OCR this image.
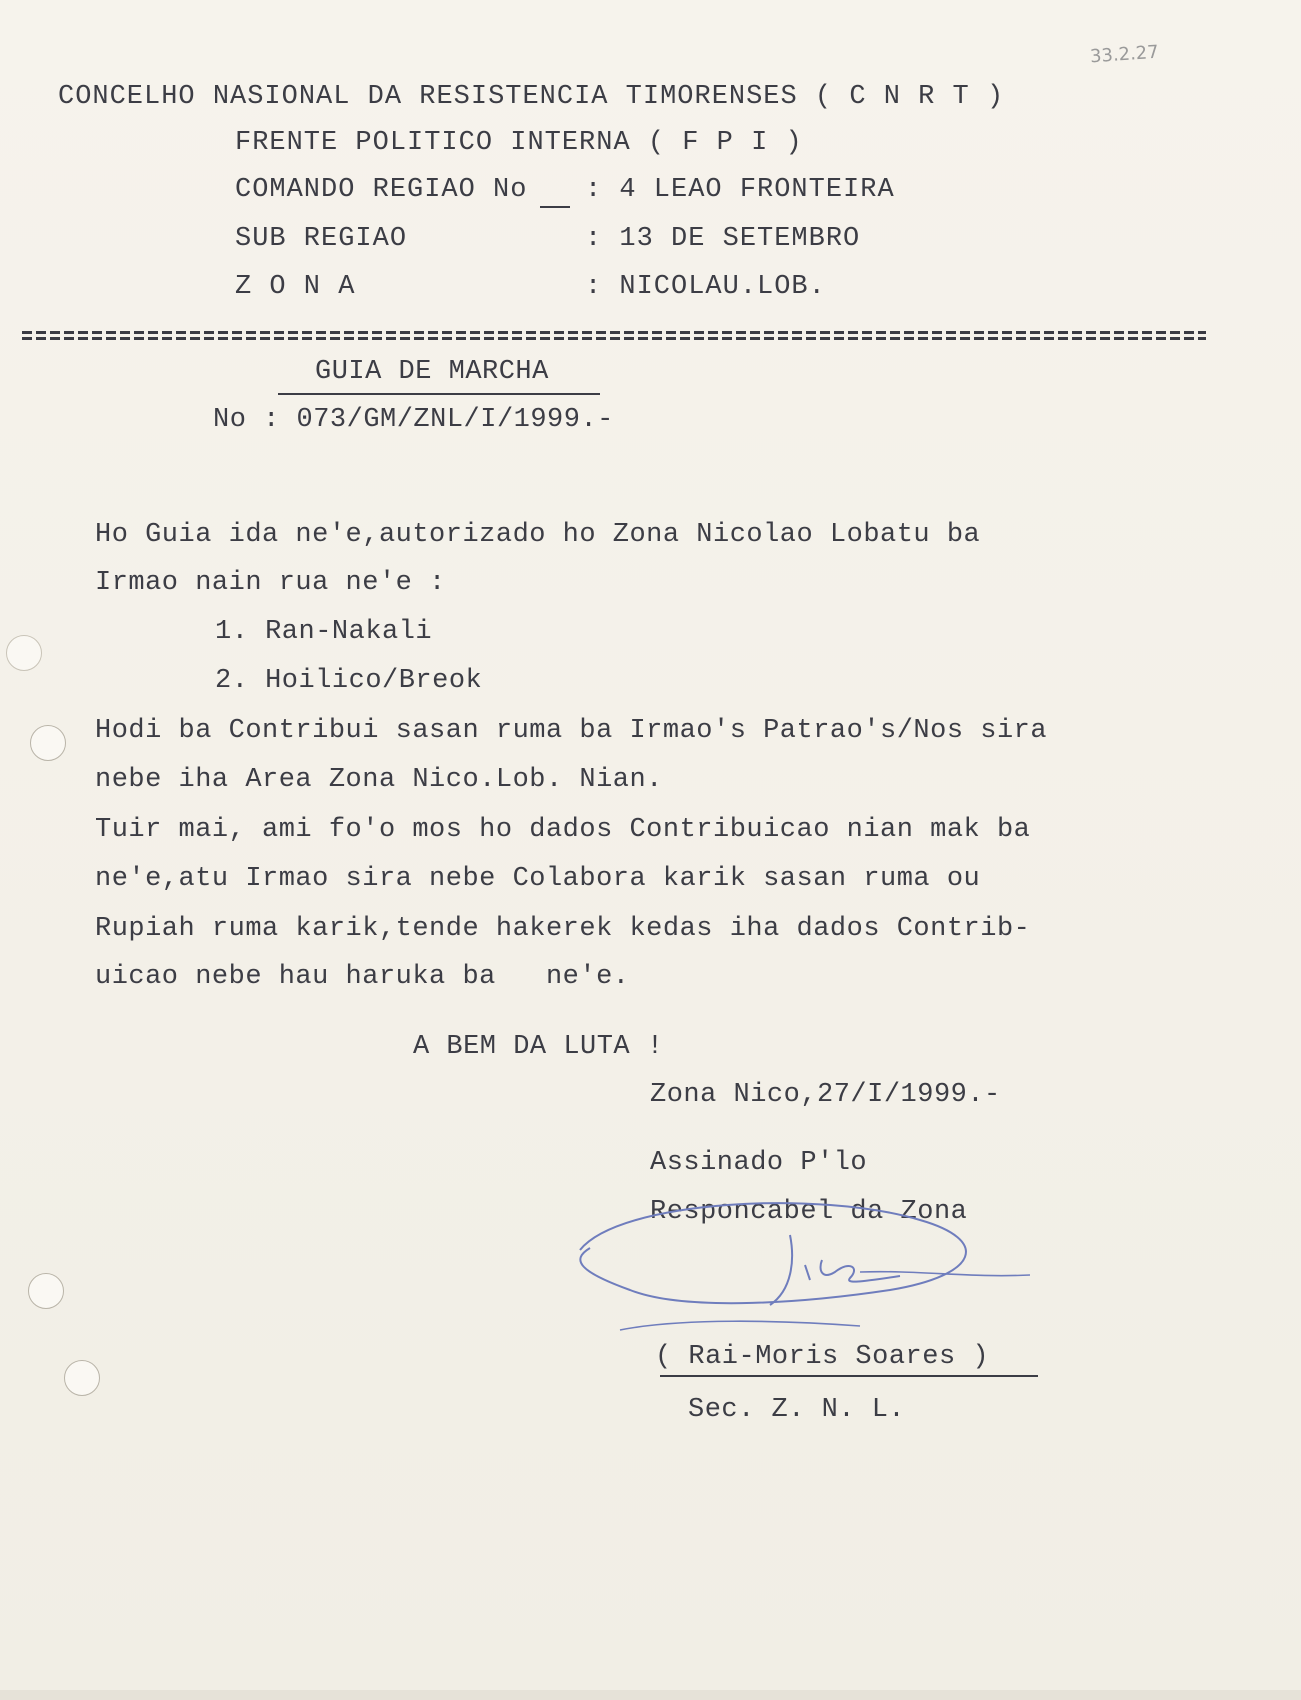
33.2.27
CONCELHO NASIONAL DA RESISTENCIA TIMORENSES ( C N R T )
FRENTE POLITICO INTERNA ( F P I )
COMANDO REGIAO No : 4 LEAO FRONTEIRA
SUB REGIAO	: 13 DE SETEMBRO
Z O N A	: NICOLAU.LOB.
GUIA DE MARCHA
No : 073/GM/ZNL/I/1999.-
Ho Guia ida ne'e,autorizado ho Zona Nicolao Lobatu ba
Irmao nain rua ne'e :
1. Ran-Nakali
2. Hoilico/Breok
Hodi ba Contribui sasan ruma ba Irmao's Patrao's/Nos sira
nebe iha Area Zona Nico.Lob. Nian.
Tuir mai, ami fo'o mos ho dados Contribuicao nian mak ba
ne'e,atu Irmao sira nebe Colabora karik sasan ruma ou
Rupiah ruma karik,tende hakerek kedas iha dados Contrib-
uicao nebe hau haruka ba   ne'e.
A BEM DA LUTA !
Zona Nico,27/I/1999.-
Assinado P'lo
Responcabel da Zona
( Rai-Moris Soares )
Sec. Z. N. L.
